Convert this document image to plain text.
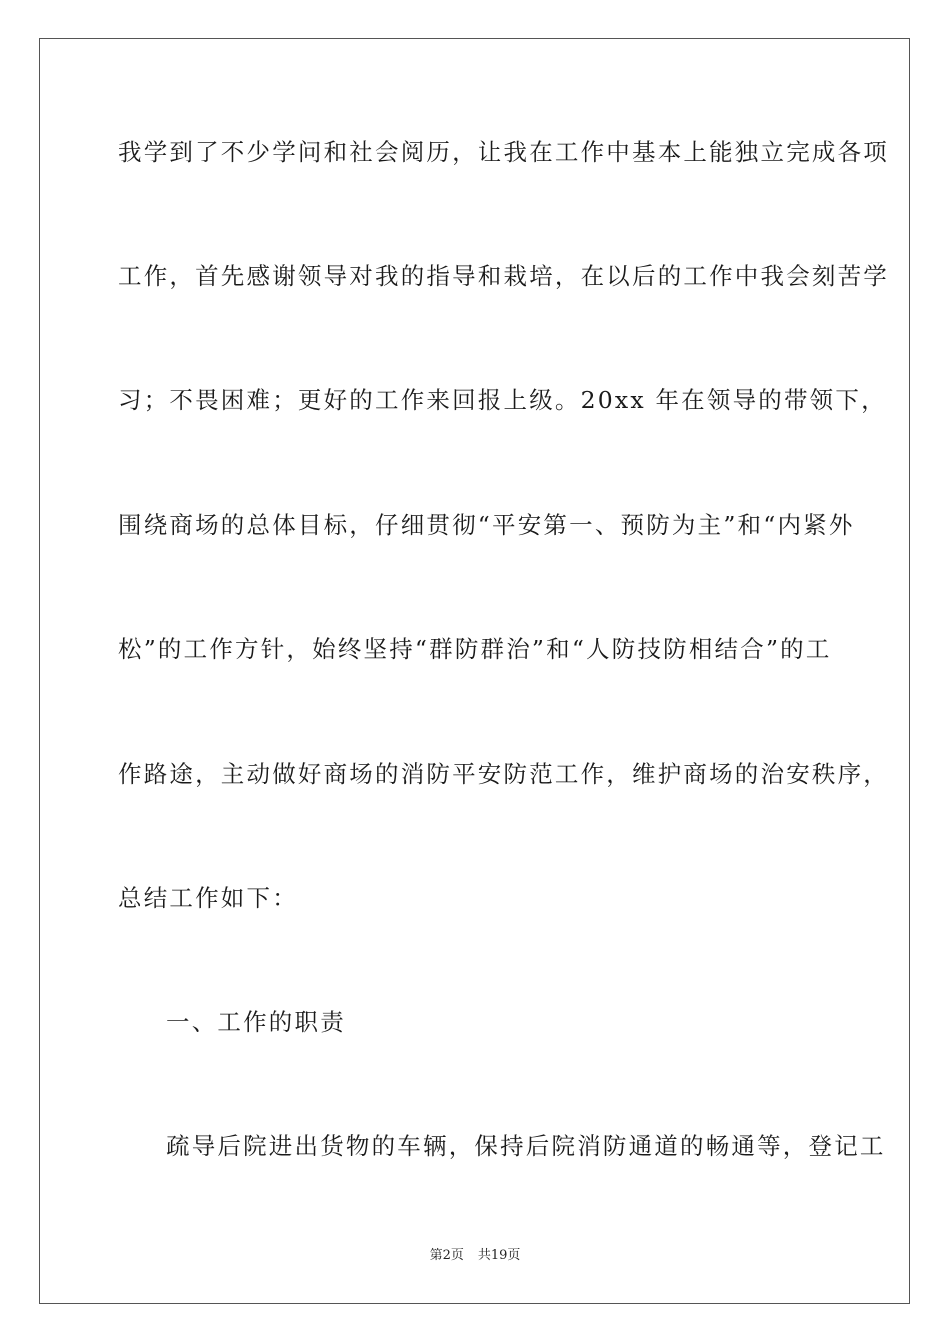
我学到了不少学问和社会阅历，让我在工作中基本上能独立完成各项
工作，首先感谢领导对我的指导和栽培，在以后的工作中我会刻苦学
习；不畏困难；更好的工作来回报上级。20xx 年在领导的带领下，
围绕商场的总体目标，仔细贯彻“平安第一、预防为主”和“内紧外
松”的工作方针，始终坚持“群防群治”和“人防技防相结合”的工
作路途，主动做好商场的消防平安防范工作，维护商场的治安秩序，
总结工作如下：
一、工作的职责
疏导后院进出货物的车辆，保持后院消防通道的畅通等，登记工
第2页 共19页
